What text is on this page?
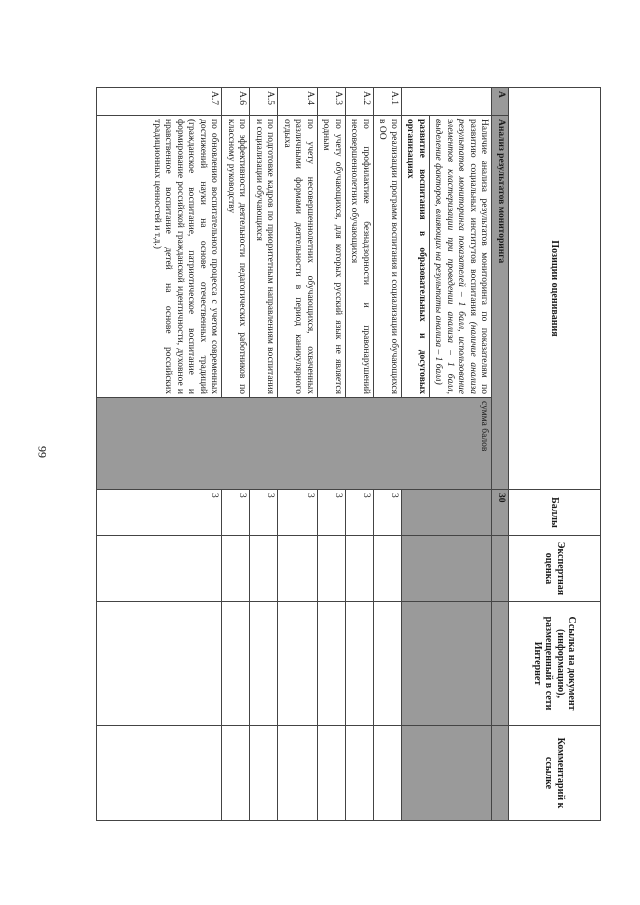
99
Позиции оценивания			Баллы	Экспертная оценка	Ссылка на документ (информацию), размещенный в сети Интернет	Комментарий к ссылке
А	Анализ результатов мониторинга		30			
	Наличие анализа результатов мониторинга по показателям по развитию социальных институтов воспитания (наличие анализа результатов мониторинга показателей – 1 балл, использование элементов кластеризации при проведении анализа – 1 балл, выделение факторов, влияющих на результаты анализа – 1 балл)	сумма балов				
	развитие воспитания в образовательных и досуговых организациях					
А.1	по реализации программ воспитания и социализации обучающихся в ОО		3			
А.2	по профилактике безнадзорности и правонарушений несовершеннолетних обучающихся		3			
А.3	по учету обучающихся, для которых русский язык не является родным		3			
А.4	по учету несовершеннолетних обучающихся, охваченных различными формами деятельности в период каникулярного отдыха		3			
А.5	по подготовке кадров по приоритетным направлениям воспитания и социализации обучающихся		3			
А.6	по эффективности деятельности педагогических работников по классному руководству		3			
А.7	по обновлению воспитательного процесса с учетом современных достижений науки на основе отечественных традиций (гражданское воспитание, патриотическое воспитание и формирование российской гражданской идентичности, духовное и нравственное воспитание детей на основе российских традиционных ценностей и т.д.)		3			
